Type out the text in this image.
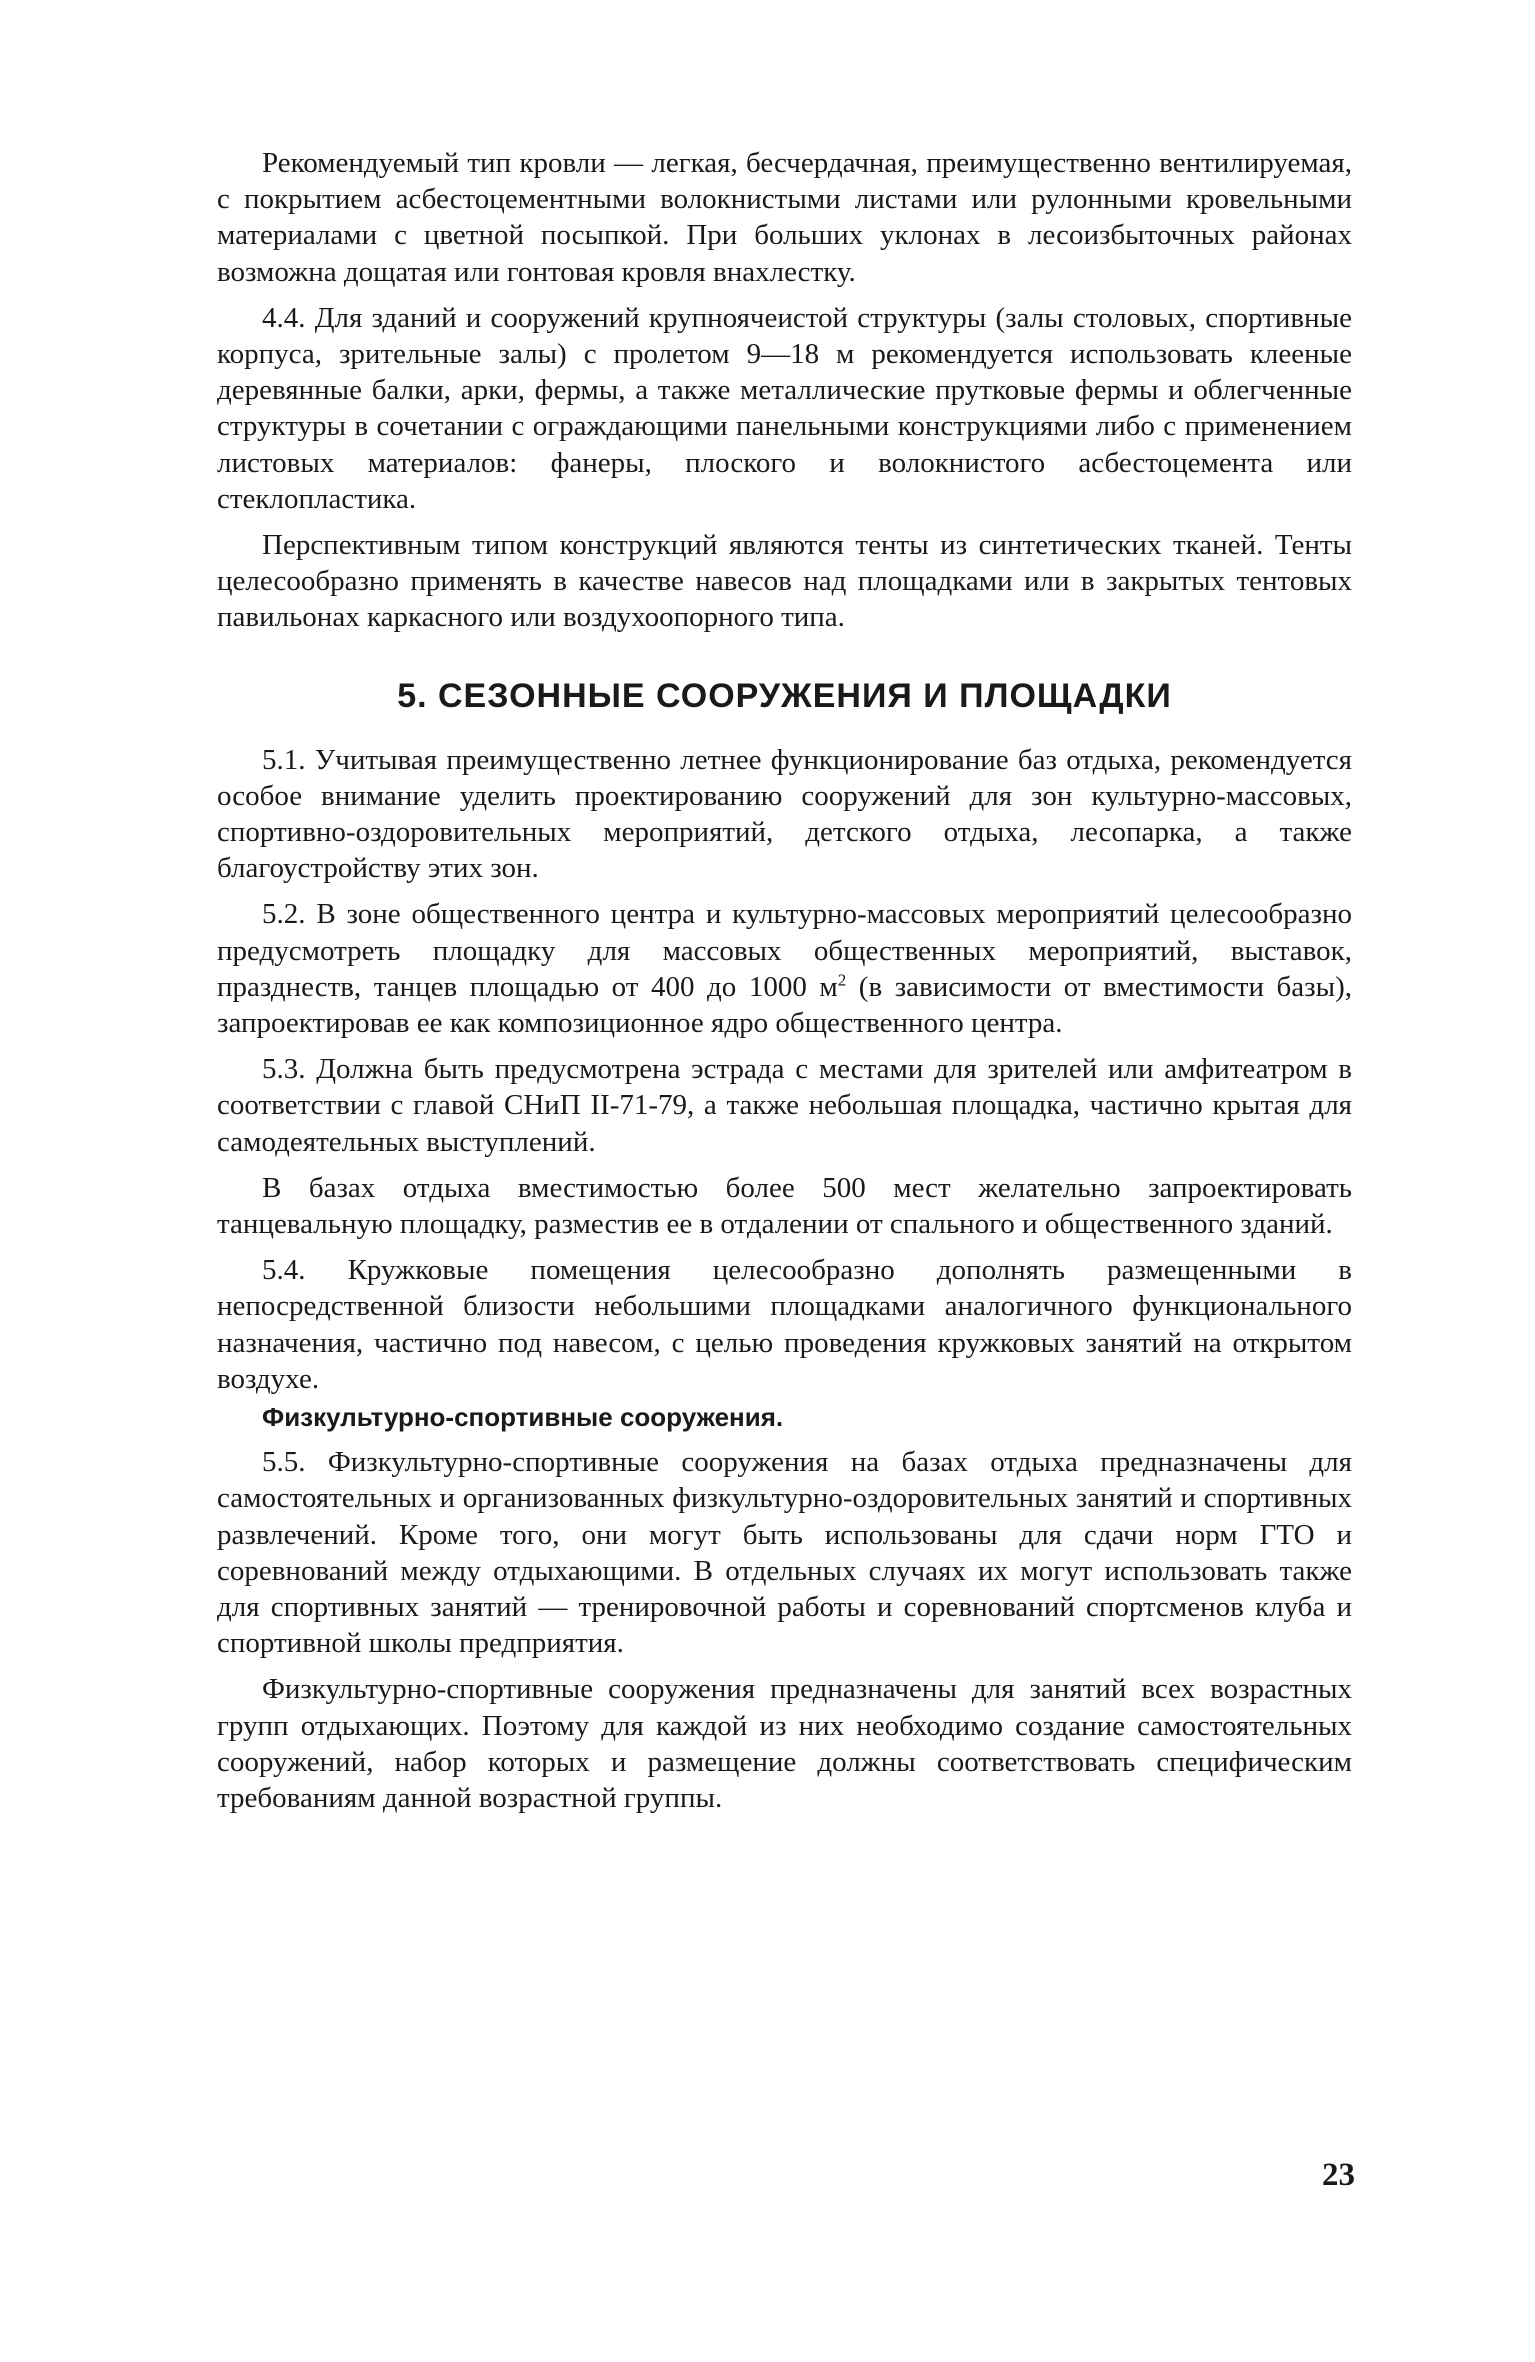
Рекомендуемый тип кровли — легкая, бесчердачная, преимущественно вентилируемая, с покрытием асбестоцементными волокнистыми листами или рулонными кровельными материалами с цветной посыпкой. При больших уклонах в лесоизбыточных районах возможна дощатая или гонтовая кровля внахлестку.

4.4. Для зданий и сооружений крупноячеистой структуры (залы столовых, спортивные корпуса, зрительные залы) с пролетом 9—18 м рекомендуется использовать клееные деревянные балки, арки, фермы, а также металлические прутковые фермы и облегченные структуры в сочетании с ограждающими панельными конструкциями либо с применением листовых материалов: фанеры, плоского и волокнистого асбестоцемента или стеклопластика.

Перспективным типом конструкций являются тенты из синтетических тканей. Тенты целесообразно применять в качестве навесов над площадками или в закрытых тентовых павильонах каркасного или воздухоопорного типа.

5. СЕЗОННЫЕ СООРУЖЕНИЯ И ПЛОЩАДКИ

5.1. Учитывая преимущественно летнее функционирование баз отдыха, рекомендуется особое внимание уделить проектированию сооружений для зон культурно-массовых, спортивно-оздоровительных мероприятий, детского отдыха, лесопарка, а также благоустройству этих зон.

5.2. В зоне общественного центра и культурно-массовых мероприятий целесообразно предусмотреть площадку для массовых общественных мероприятий, выставок, празднеств, танцев площадью от 400 до 1000 $м^2$ (в зависимости от вместимости базы), запроектировав ее как композиционное ядро общественного центра.

5.3. Должна быть предусмотрена эстрада с местами для зрителей или амфитеатром в соответствии с главой СНиП II-71-79, а также небольшая площадка, частично крытая для самодеятельных выступлений.

В базах отдыха вместимостью более 500 мест желательно запроектировать танцевальную площадку, разместив ее в отдалении от спального и общественного зданий.

5.4. Кружковые помещения целесообразно дополнять размещенными в непосредственной близости небольшими площадками аналогичного функционального назначения, частично под навесом, с целью проведения кружковых занятий на открытом воздухе.

Физкультурно-спортивные сооружения.

5.5. Физкультурно-спортивные сооружения на базах отдыха предназначены для самостоятельных и организованных физкультурно-оздоровительных занятий и спортивных развлечений. Кроме того, они могут быть использованы для сдачи норм ГТО и соревнований между отдыхающими. В отдельных случаях их могут использовать также для спортивных занятий — тренировочной работы и соревнований спортсменов клуба и спортивной школы предприятия.

Физкультурно-спортивные сооружения предназначены для занятий всех возрастных групп отдыхающих. Поэтому для каждой из них необходимо создание самостоятельных сооружений, набор которых и размещение должны соответствовать специфическим требованиям данной возрастной группы.

23
